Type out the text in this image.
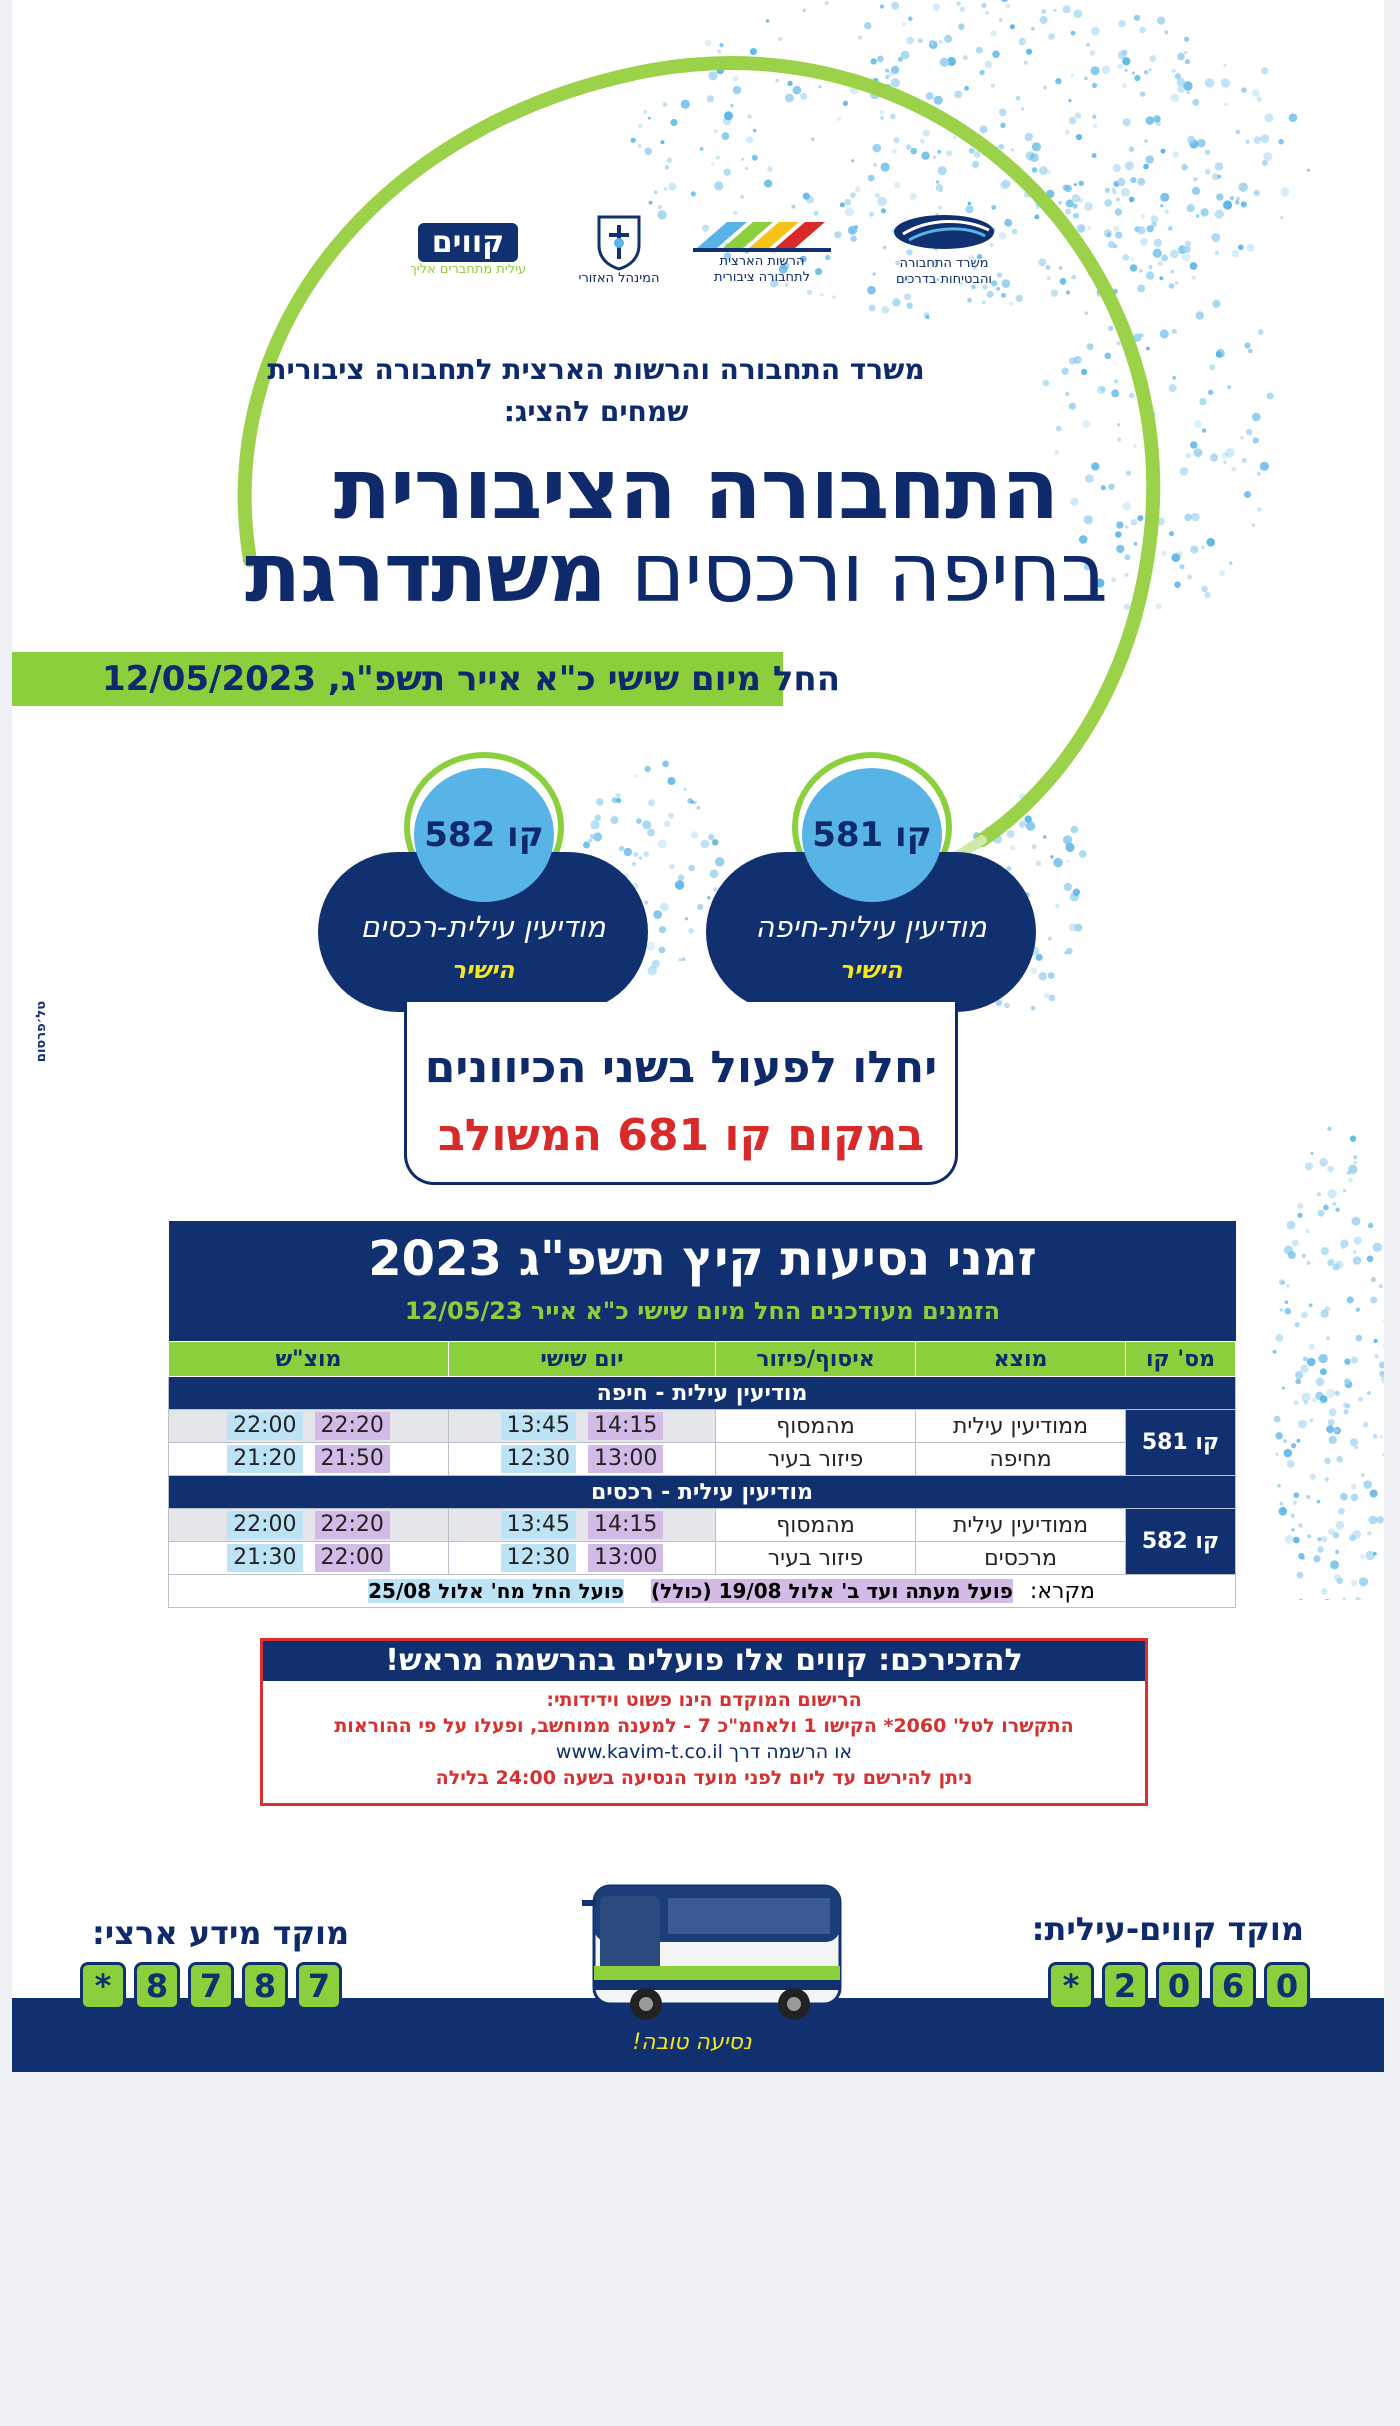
משרד התחבורה
והבטיחות בדרכים
הרשות הארצית
לתחבורה ציבורית
המינהל האזורי
קווים
עילית מתחברים אליך
משרד התחבורה והרשות הארצית לתחבורה ציבורית
שמחים להציג:
התחבורה הציבורית
בחיפה ורכסים משתדרגת
החל מיום שישי כ"א אייר תשפ"ג, 12/05/2023
מודיעין עילית-חיפה
הישיר
קו 581
מודיעין עילית-רכסים
הישיר
קו 582
יחלו לפעול בשני הכיוונים
במקום קו 681 המשולב
זמני נסיעות קיץ תשפ"ג 2023
הזמנים מעודכנים החל מיום שישי כ"א אייר 12/05/23
מס' קו	מוצא	איסוף/פיזור	יום שישי	מוצ"ש
מודיעין עילית - חיפה				
קו 581	ממודיעין עילית	מהמסוף	13:45 14:15	22:00 22:20

	מחיפה	פיזור בעיר	12:30 13:00	21:20 21:50

מודיעין עילית - רכסים				
קו 582	ממודיעין עילית	מהמסוף	13:45 14:15	22:00 22:20

	מרכסים	פיזור בעיר	12:30 13:00	21:30 22:00

מקרא: פועל מעתה ועד ב' אלול 19/08 (כולל) פועל החל מח' אלול 25/08				
להזכירכם: קווים אלו פועלים בהרשמה מראש!
הרישום המוקדם הינו פשוט וידידותי:
התקשרו לטל' 2060* הקישו 1 ולאחמ"כ 7 - למענה ממוחשב, ופעלו על פי ההוראות
או הרשמה דרך www.kavim-t.co.il
ניתן להירשם עד ליום לפני מועד הנסיעה בשעה 24:00 בלילה
מוקד קווים-עילית:
*	2 0 6 0
מוקד מידע ארצי:
*	8 7 8 7
נסיעה טובה!
טל׳פרסום
